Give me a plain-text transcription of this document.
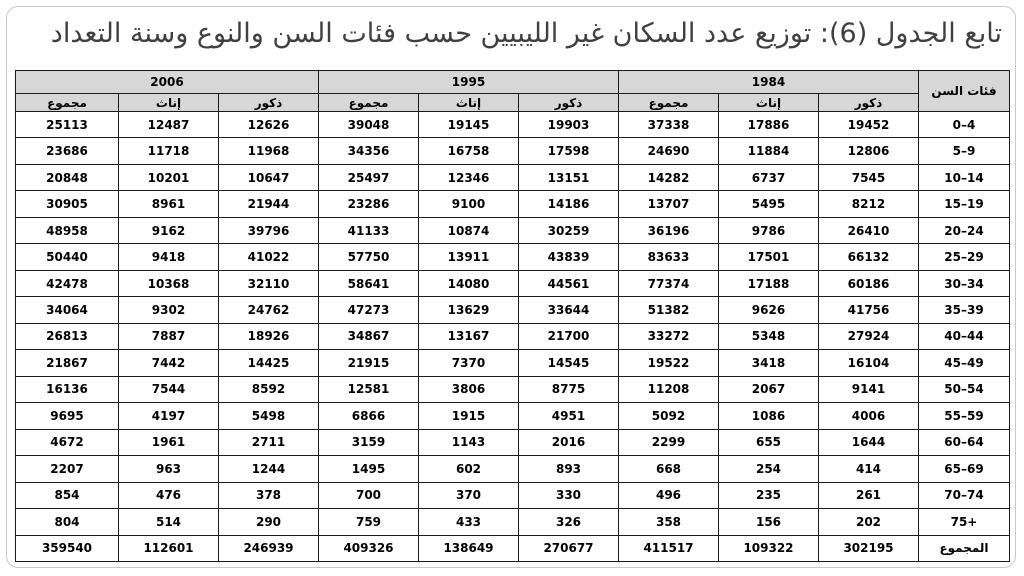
تابع الجدول (6): توزيع عدد السكان غير الليبيين حسب فئات السن والنوع وسنة التعداد
فئات السن	1984			1995			2006		
	ذكور	إناث	مجموع	ذكور	إناث	مجموع	ذكور	إناث	مجموع
0–4	19452	17886	37338	19903	19145	39048	12626	12487	25113
5–9	12806	11884	24690	17598	16758	34356	11968	11718	23686
10–14	7545	6737	14282	13151	12346	25497	10647	10201	20848
15–19	8212	5495	13707	14186	9100	23286	21944	8961	30905
20–24	26410	9786	36196	30259	10874	41133	39796	9162	48958
25–29	66132	17501	83633	43839	13911	57750	41022	9418	50440
30–34	60186	17188	77374	44561	14080	58641	32110	10368	42478
35–39	41756	9626	51382	33644	13629	47273	24762	9302	34064
40–44	27924	5348	33272	21700	13167	34867	18926	7887	26813
45–49	16104	3418	19522	14545	7370	21915	14425	7442	21867
50–54	9141	2067	11208	8775	3806	12581	8592	7544	16136
55–59	4006	1086	5092	4951	1915	6866	5498	4197	9695
60–64	1644	655	2299	2016	1143	3159	2711	1961	4672
65–69	414	254	668	893	602	1495	1244	963	2207
70–74	261	235	496	330	370	700	378	476	854
75+	202	156	358	326	433	759	290	514	804
المجموع	302195	109322	411517	270677	138649	409326	246939	112601	359540
